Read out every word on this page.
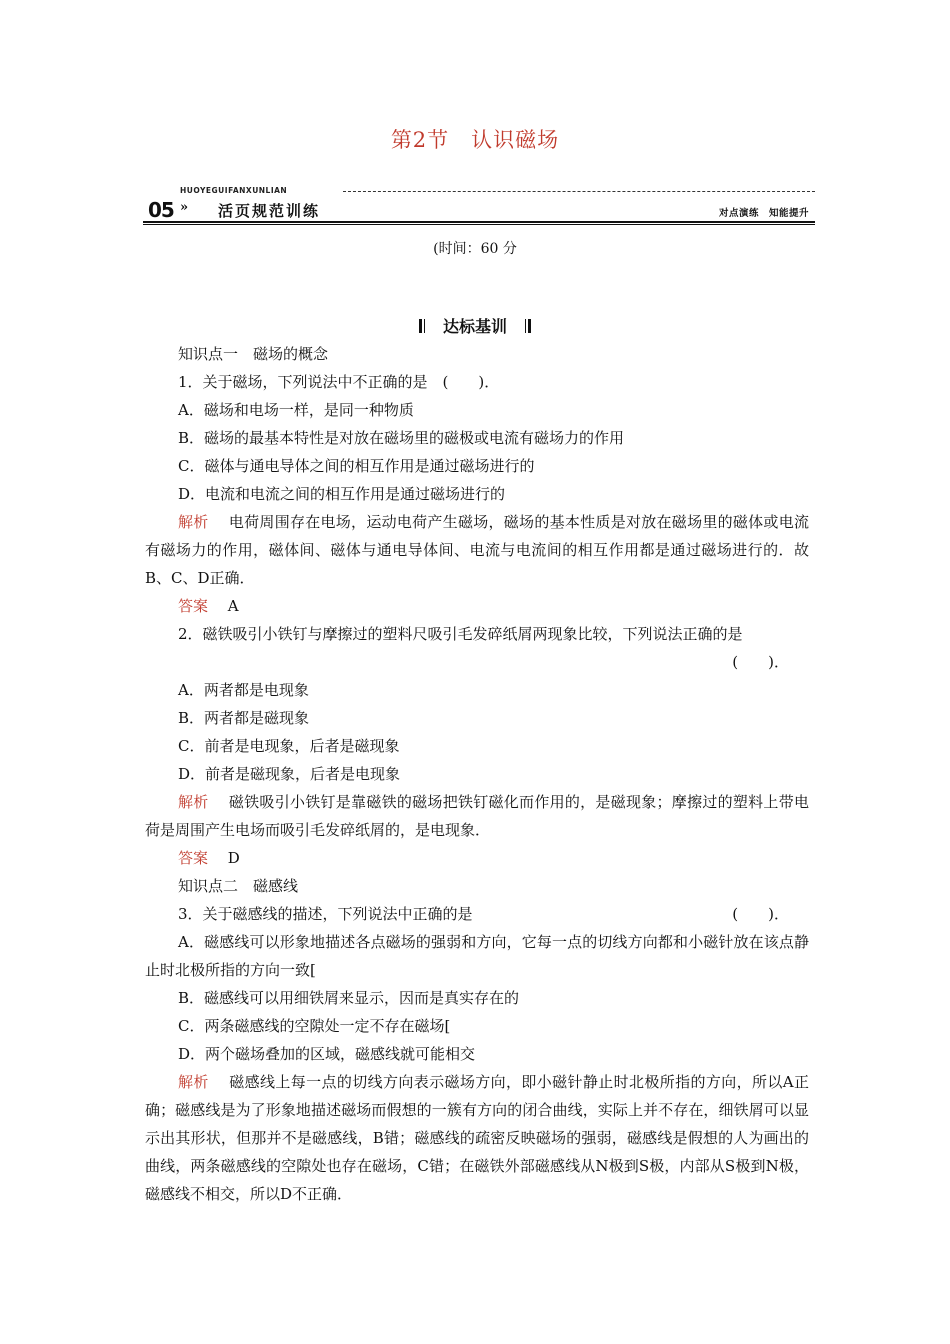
第2节　认识磁场
HUOYEGUIFANXUNLIAN
05 » 活页规范训练	对点演练　知能提升
(时间：60 分
达标基训

知识点一　磁场的概念

1．关于磁场，下列说法中不正确的是　(　　)．

A．磁场和电场一样，是同一种物质

B．磁场的最基本特性是对放在磁场里的磁极或电流有磁场力的作用

C．磁体与通电导体之间的相互作用是通过磁场进行的

D．电流和电流之间的相互作用是通过磁场进行的

解析　 电荷周围存在电场，运动电荷产生磁场，磁场的基本性质是对放在磁场里的磁体或电流有磁场力的作用，磁体间、磁体与通电导体间、电流与电流间的相互作用都是通过磁场进行的．故B、C、D正确．

答案　 A

2．磁铁吸引小铁钉与摩擦过的塑料尺吸引毛发碎纸屑两现象比较，下列说法正确的是

(　　)．

A．两者都是电现象

B．两者都是磁现象

C．前者是电现象，后者是磁现象

D．前者是磁现象，后者是电现象

解析　 磁铁吸引小铁钉是靠磁铁的磁场把铁钉磁化而作用的，是磁现象；摩擦过的塑料上带电荷是周围产生电场而吸引毛发碎纸屑的，是电现象．

答案　 D

知识点二　磁感线

3．关于磁感线的描述，下列说法中正确的是	(　　)．

A．磁感线可以形象地描述各点磁场的强弱和方向，它每一点的切线方向都和小磁针放在该点静止时北极所指的方向一致[

B．磁感线可以用细铁屑来显示，因而是真实存在的

C．两条磁感线的空隙处一定不存在磁场[

D．两个磁场叠加的区域，磁感线就可能相交

解析　 磁感线上每一点的切线方向表示磁场方向，即小磁针静止时北极所指的方向，所以A正确；磁感线是为了形象地描述磁场而假想的一簇有方向的闭合曲线，实际上并不存在，细铁屑可以显示出其形状，但那并不是磁感线，B错；磁感线的疏密反映磁场的强弱，磁感线是假想的人为画出的曲线，两条磁感线的空隙处也存在磁场，C错；在磁铁外部磁感线从N极到S极，内部从S极到N极，磁感线不相交，所以D不正确．
